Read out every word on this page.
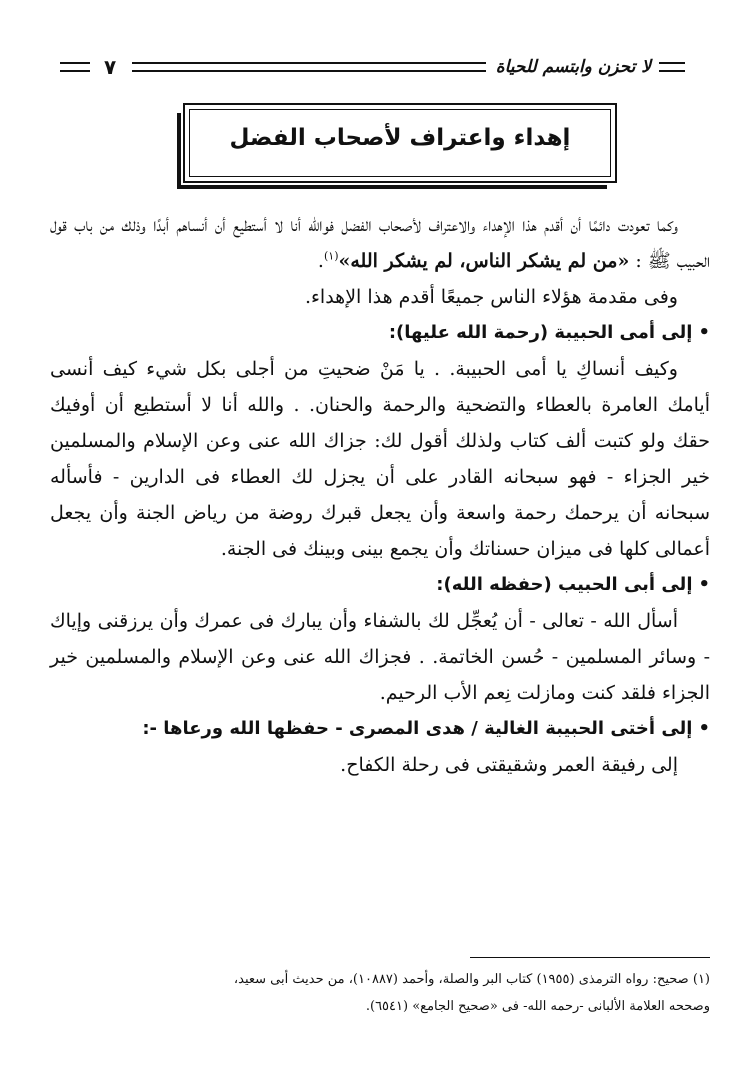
لا تحزن وابتسم للحياة
٧
إهداء واعتراف لأصحاب الفضل

وكما تعودت دائمًا أن أقدم هذا الإهداء والاعتراف لأصحاب الفضل فوالله أنا لا أستطيع أن أنساهم أبدًا وذلك من باب قول الحبيب ﷺ : «من لم يشكر الناس، لم يشكر الله»$^{(١)}$.

وفى مقدمة هؤلاء الناس جميعًا أقدم هذا الإهداء.

•إلى أمى الحبيبة (رحمة الله عليها):

وكيف أنساكِ يا أمى الحبيبة. . يا مَنْ ضحيتِ من أجلى بكل شيء كيف أنسى أيامك العامرة بالعطاء والتضحية والرحمة والحنان. . والله أنا لا أستطيع أن أوفيك حقك ولو كتبت ألف كتاب ولذلك أقول لك: جزاك الله عنى وعن الإسلام والمسلمين خير الجزاء - فهو سبحانه القادر على أن يجزل لك العطاء فى الدارين - فأسأله سبحانه أن يرحمك رحمة واسعة وأن يجعل قبرك روضة من رياض الجنة وأن يجعل أعمالى كلها فى ميزان حسناتك وأن يجمع بينى وبينك فى الجنة.

•إلى أبى الحبيب (حفظه الله):

أسأل الله - تعالى - أن يُعجِّل لك بالشفاء وأن يبارك فى عمرك وأن يرزقنى وإياك - وسائر المسلمين - حُسن الخاتمة. . فجزاك الله عنى وعن الإسلام والمسلمين خير الجزاء فلقد كنت ومازلت نِعم الأب الرحيم.

•إلى أختى الحبيبة الغالية / هدى المصرى - حفظها الله ورعاها -:

إلى رفيقة العمر وشقيقتى فى رحلة الكفاح.

(١) صحيح: رواه الترمذى (١٩٥٥) كتاب البر والصلة، وأحمد (١٠٨٨٧)، من حديث أبى سعيد،

وصححه العلامة الألبانى -رحمه الله- فى «صحيح الجامع» (٦٥٤١).
